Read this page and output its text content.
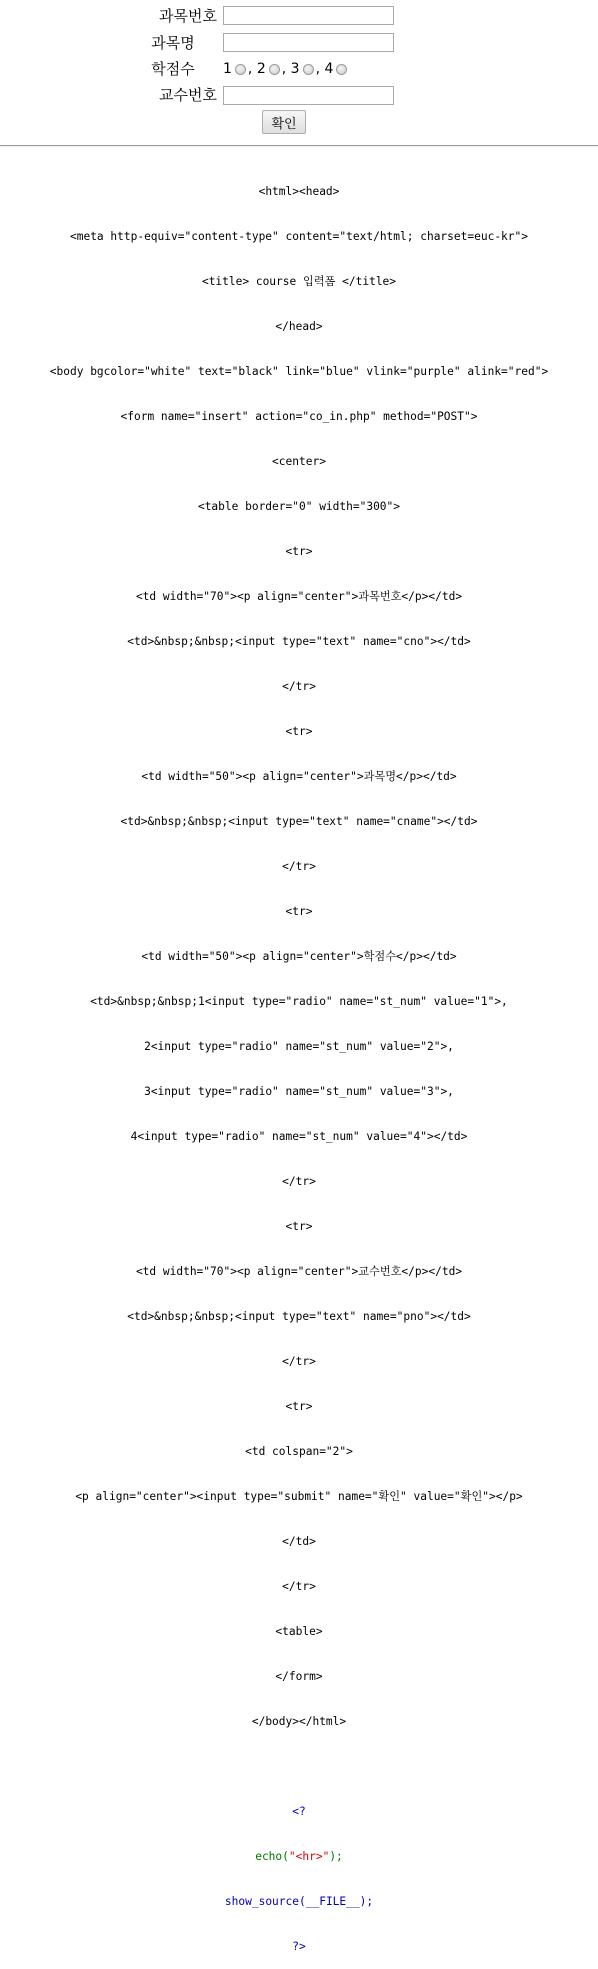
과목번호
과목명
학점수	1 , 2 , 3 , 4
교수번호
확인

<html><head>

<meta http-equiv="content-type" content="text/html; charset=euc-kr">

<title> course 입력폼 </title>

</head>

<body bgcolor="white" text="black" link="blue" vlink="purple" alink="red">

<form name="insert" action="co_in.php" method="POST">

<center>

<table border="0" width="300">

<tr>

<td width="70"><p align="center">과목번호</p></td>

<td>&nbsp;&nbsp;<input type="text" name="cno"></td>

</tr>

<tr>

<td width="50"><p align="center">과목명</p></td>

<td>&nbsp;&nbsp;<input type="text" name="cname"></td>

</tr>

<tr>

<td width="50"><p align="center">학점수</p></td>

<td>&nbsp;&nbsp;1<input type="radio" name="st_num" value="1">,

2<input type="radio" name="st_num" value="2">,

3<input type="radio" name="st_num" value="3">,

4<input type="radio" name="st_num" value="4"></td>

</tr>

<tr>

<td width="70"><p align="center">교수번호</p></td>

<td>&nbsp;&nbsp;<input type="text" name="pno"></td>

</tr>

<tr>

<td colspan="2">

<p align="center"><input type="submit" name="확인" value="확인"></p>

</td>

</tr>

<table>

</form>

</body></html>

<?

echo("<hr>");

show_source(__FILE__);

?>
